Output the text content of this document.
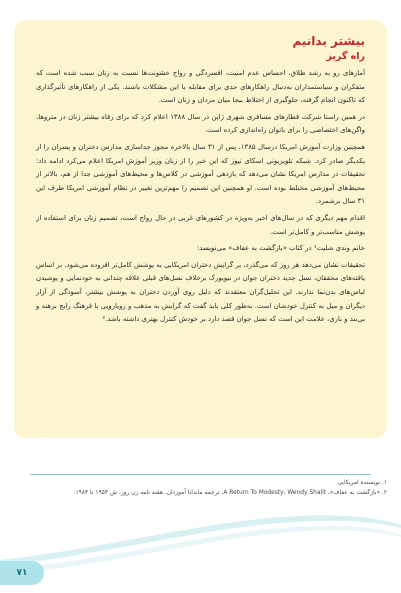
بیشتر بدانیم
راه گریز

آمارهای رو به رشد طلاق، احساس عدم امنیت، افسردگی و رواج خشونت‌ها نسبت به زنان سبب شده است که متفکران و سیاستمداران به‌دنبال راهکارهای جدی برای مقابله با این مشکلات باشند. یکی از راهکارهای تأثیرگذاری که تاکنون انجام گرفته، جلوگیری از اختلاط بیجا میان مردان و زنان است.

در همین راستا شرکت قطارهای مسافری شهری ژاپن در سال ۱۳۸۸ اعلام کرد که برای رفاه بیشتر زنان در متروها، واگن‌های اختصاصی را برای بانوان راه‌اندازی کرده است.

همچنین وزارت آموزش امریکا درسال ۱۳۸۵، پس از ۳۱ سال بالاخره مجوز جداسازی مدارس دختران و پسران را از یکدیگر صادر کرد. شبکه تلویزیونی اسکای نیوز که این خبر را از زبان وزیر آموزش امریکا اعلام می‌کرد ادامه داد: تحقیقات در مدارس امریکا نشان می‌دهد که بازدهی آموزشی در کلاس‌ها و محیط‌های آموزشی جدا از هم، بالاتر از محیط‌های آموزشی مختلط بوده است. او همچنین این تصمیم را مهم‌ترین تغییر در نظام آموزشی امریکا طرف این ۳۱ سال برشمرد.

اقدام مهم دیگری که در سال‌های اخیر به‌ویژه در کشورهای غربی در حال رواج است، تصمیم زنان برای استفاده از پوشش مناسب‌تر و کامل‌تر است.

خانم وندی شلیت¹ در کتاب «بازگشت به عفاف» می‌نویسد:

تحقیقات نشان می‌دهد هر روز که می‌گذرد، بر گرایش دختران امریکایی به پوشش کامل‌تر افزوده می‌شود. بر اساس یافته‌های محققان، نسل جدید دختران جوان در نیویورک برخلاف نسل‌های قبلی علاقه چندانی به خودنمایی و پوشیدن لباس‌های بدن‌نما ندارند. این تحلیل‌گران معتقدند که دلیل روی آوردن دختران به پوشش بیشتر، آسودگی از آزار دیگران و میل به کنترل خودشان است. به‌طور کلی باید گفت که گرایش به مذهب و رویارویی با فرهنگ رایج برهنه و بی‌بند و باری، علامت این است که نسل جوان قصد دارد بر خودش کنترل بهتری داشته باشد.²

۱. نویسنده امریکایی
۲. «بازگشت به عفاف»، A Return To Modesty، Wendy Shalit، ترجمه ماندانا آموزدان، هفته نامه زن روز، ش ۱۹۵۴ تا ۱۹۸۴.
۷۱
